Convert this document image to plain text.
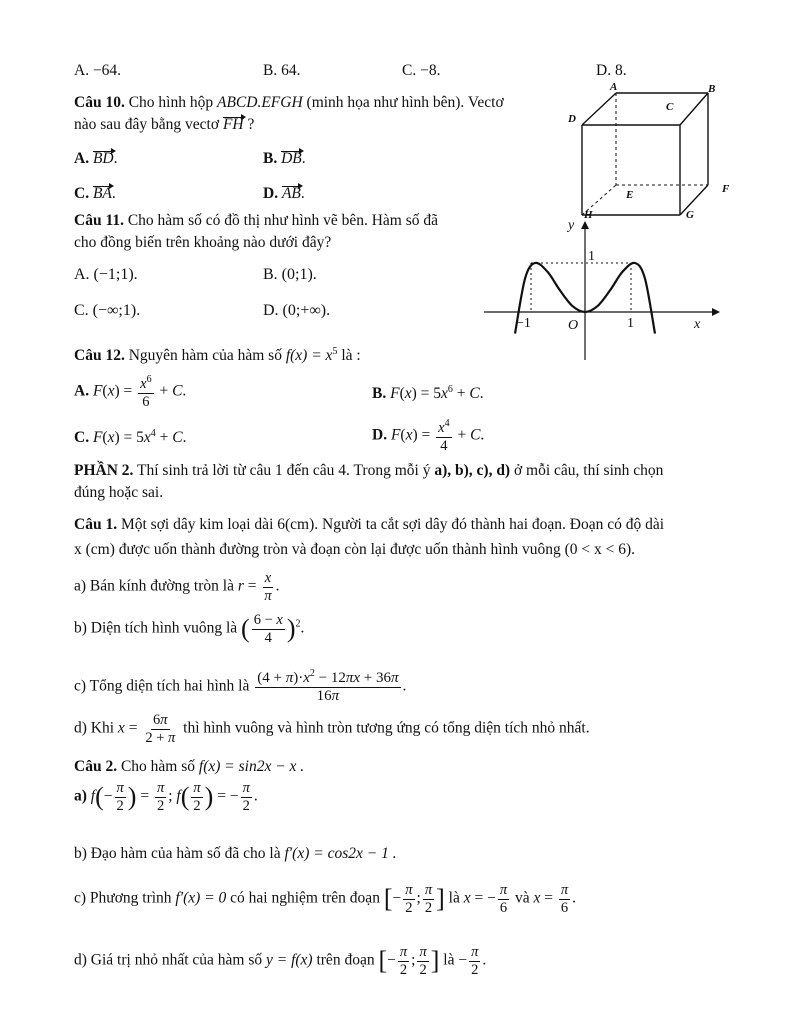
A. −64.	B. 64.	C. −8.	D. 8.
Câu 10. Cho hình hộp ABCD.EFGH (minh họa như hình bên). Vectơ
nào sau đây bằng vectơ FH ?
A. BD.	B. DB.
C. BA.	D. AB.
A	B
C
D
E	F
G
H
Câu 11. Cho hàm số có đồ thị như hình vẽ bên. Hàm số đã
cho đồng biến trên khoảng nào dưới đây?
A. (−1;1).	B. (0;1).
C. (−∞;1).	D. (0;+∞).
y
x
O
1
−1	1
Câu 12. Nguyên hàm của hàm số $f(x) = x^5$ là :
A. $F(x) = \frac{x^6}{6} + C$.	B. $F(x) = 5x^6 + C$.
C. $F(x) = 5x^4 + C$.	D. $F(x) = \frac{x^4}{4} + C$.
PHẦN 2. Thí sinh trả lời từ câu 1 đến câu 4. Trong mỗi ý a), b), c), d) ở mỗi câu, thí sinh chọn
đúng hoặc sai.
Câu 1. Một sợi dây kim loại dài 6(cm). Người ta cắt sợi dây đó thành hai đoạn. Đoạn có độ dài
x (cm) được uốn thành đường tròn và đoạn còn lại được uốn thành hình vuông (0 < x < 6).
a) Bán kính đường tròn là $r = \frac{x}{\pi}$ .
b) Diện tích hình vuông là ( $\frac{6 - x}{4} )^2$.
c) Tổng diện tích hai hình là $\frac{(4 + \pi)\cdot x^2 - 12\pi x + 36\pi}{16\pi}$ .
d) Khi $x = \frac{6\pi}{2 + \pi}$ thì hình vuông và hình tròn tương ứng có tổng diện tích nhỏ nhất.
Câu 2. Cho hàm số f(x) = sin2x − x .
a) $f(- \frac{\pi}{2}$ ) = $\frac{\pi}{2}$ ; $f( \frac{\pi}{2}$ ) = − $\frac{\pi}{2}$ .
b) Đạo hàm của hàm số đã cho là f′(x) = cos2x − 1 .
c) Phương trình f′(x) = 0 có hai nghiệm trên đoạn [− $\frac{\pi}{2}$ ; $\frac{\pi}{2}$ ] là x = − $\frac{\pi}{6}$ và $x = \frac{\pi}{6}$ .
d) Giá trị nhỏ nhất của hàm số y = f(x) trên đoạn [− $\frac{\pi}{2}$ ; $\frac{\pi}{2}$ ] là − $\frac{\pi}{2}$ .
